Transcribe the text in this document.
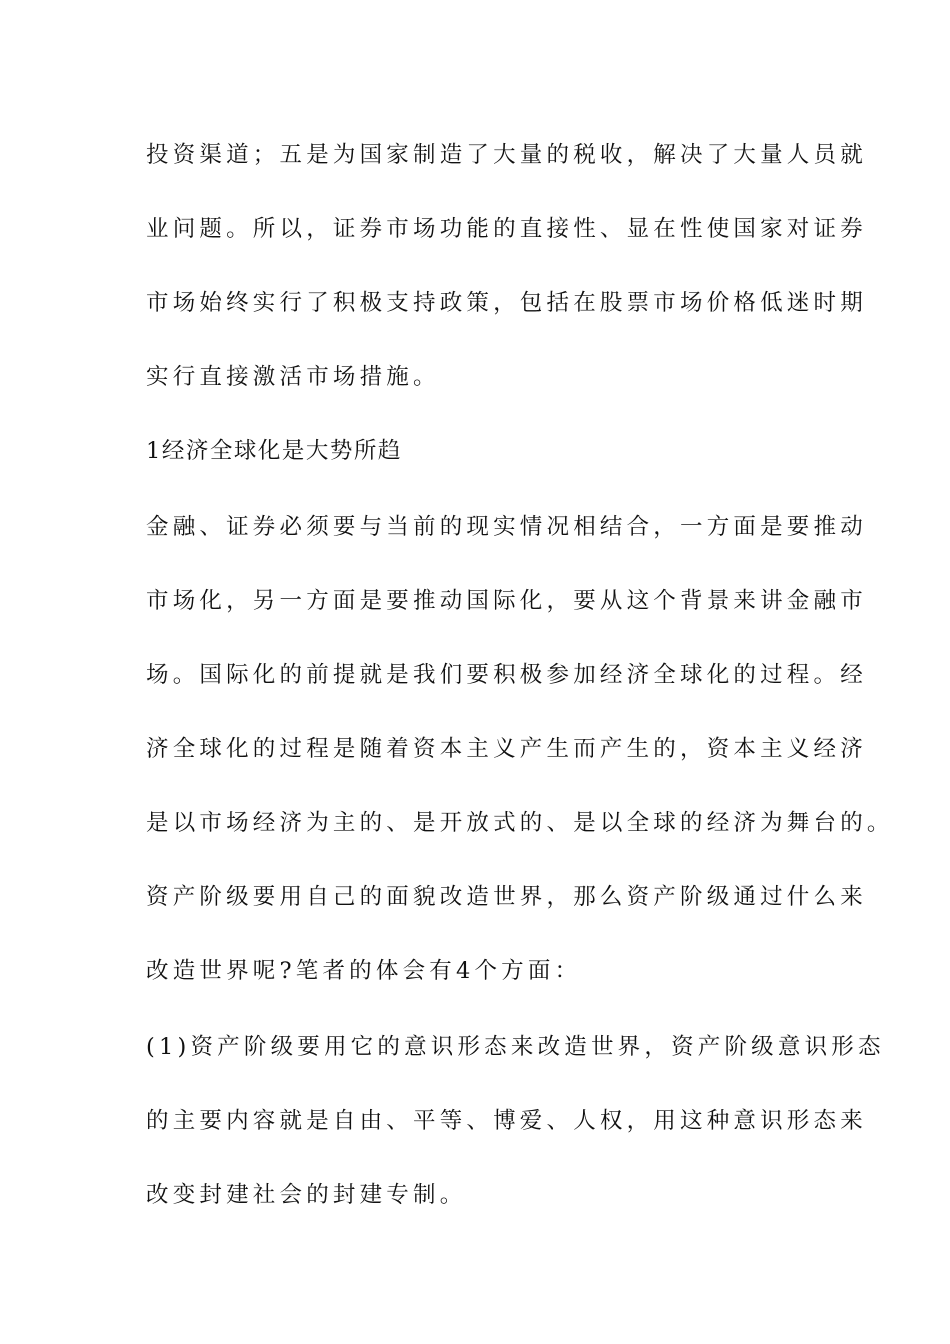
投资渠道；五是为国家制造了大量的税收，解决了大量人员就
业问题。所以，证券市场功能的直接性、显在性使国家对证券
市场始终实行了积极支持政策，包括在股票市场价格低迷时期
实行直接激活市场措施。
1经济全球化是大势所趋
金融、证券必须要与当前的现实情况相结合，一方面是要推动
市场化，另一方面是要推动国际化，要从这个背景来讲金融市
场。国际化的前提就是我们要积极参加经济全球化的过程。经
济全球化的过程是随着资本主义产生而产生的，资本主义经济
是以市场经济为主的、是开放式的、是以全球的经济为舞台的。
资产阶级要用自己的面貌改造世界，那么资产阶级通过什么来
改造世界呢?笔者的体会有4个方面：
(1)资产阶级要用它的意识形态来改造世界，资产阶级意识形态
的主要内容就是自由、平等、博爱、人权，用这种意识形态来
改变封建社会的封建专制。
